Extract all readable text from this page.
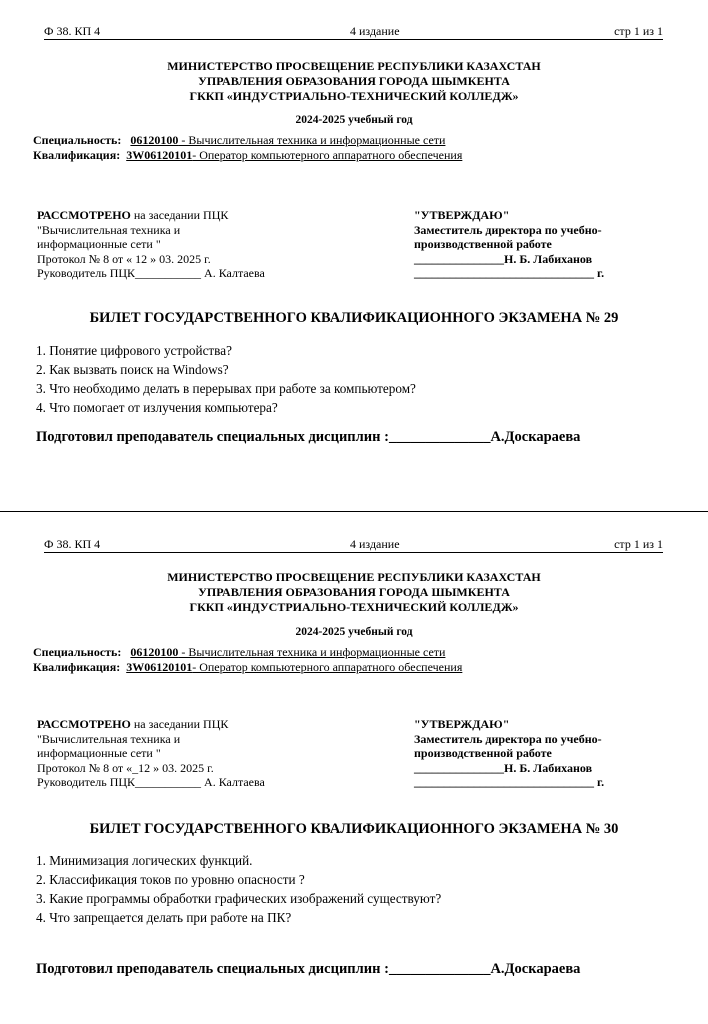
Ф 38. КП 4	4 издание	стр 1 из 1
МИНИСТЕРСТВО ПРОСВЕЩЕНИЕ РЕСПУБЛИКИ КАЗАХСТАН
УПРАВЛЕНИЯ ОБРАЗОВАНИЯ ГОРОДА ШЫМКЕНТА
ГККП «ИНДУСТРИАЛЬНО-ТЕХНИЧЕСКИЙ КОЛЛЕДЖ»
2024-2025 учебный год
Специальность: 06120100 - Вычислительная техника и информационные сети
Квалификация: 3W06120101- Оператор компьютерного аппаратного обеспечения
РАССМОТРЕНО на заседании ПЦК
"Вычислительная техника и
информационные сети "
Протокол № 8 от « 12 » 03. 2025 г.
Руководитель ПЦК___________ А. Калтаева
"УТВЕРЖДАЮ"
Заместитель директора по учебно-
производственной работе
_______________Н. Б. Лабиханов
______________________________ г.
БИЛЕТ ГОСУДАРСТВЕННОГО КВАЛИФИКАЦИОННОГО ЭКЗАМЕНА № 29
1. Понятие цифрового устройства?
2. Как вызвать поиск на Windows?
3. Что необходимо делать в перерывах при работе за компьютером?
4. Что помогает от излучения компьютера?
Подготовил преподаватель специальных дисциплин :______________А.Доскараева
Ф 38. КП 4	4 издание	стр 1 из 1
МИНИСТЕРСТВО ПРОСВЕЩЕНИЕ РЕСПУБЛИКИ КАЗАХСТАН
УПРАВЛЕНИЯ ОБРАЗОВАНИЯ ГОРОДА ШЫМКЕНТА
ГККП «ИНДУСТРИАЛЬНО-ТЕХНИЧЕСКИЙ КОЛЛЕДЖ»
2024-2025 учебный год
Специальность: 06120100 - Вычислительная техника и информационные сети
Квалификация: 3W06120101- Оператор компьютерного аппаратного обеспечения
РАССМОТРЕНО на заседании ПЦК
"Вычислительная техника и
информационные сети "
Протокол № 8 от «_12 » 03. 2025 г.
Руководитель ПЦК___________ А. Калтаева
"УТВЕРЖДАЮ"
Заместитель директора по учебно-
производственной работе
_______________Н. Б. Лабиханов
______________________________ г.
БИЛЕТ ГОСУДАРСТВЕННОГО КВАЛИФИКАЦИОННОГО ЭКЗАМЕНА № 30
1. Минимизация логических функций.
2. Классификация токов по уровню опасности ?
3. Какие программы обработки графических изображений существуют?
4. Что запрещается делать при работе на ПК?
Подготовил преподаватель специальных дисциплин :______________А.Доскараева
